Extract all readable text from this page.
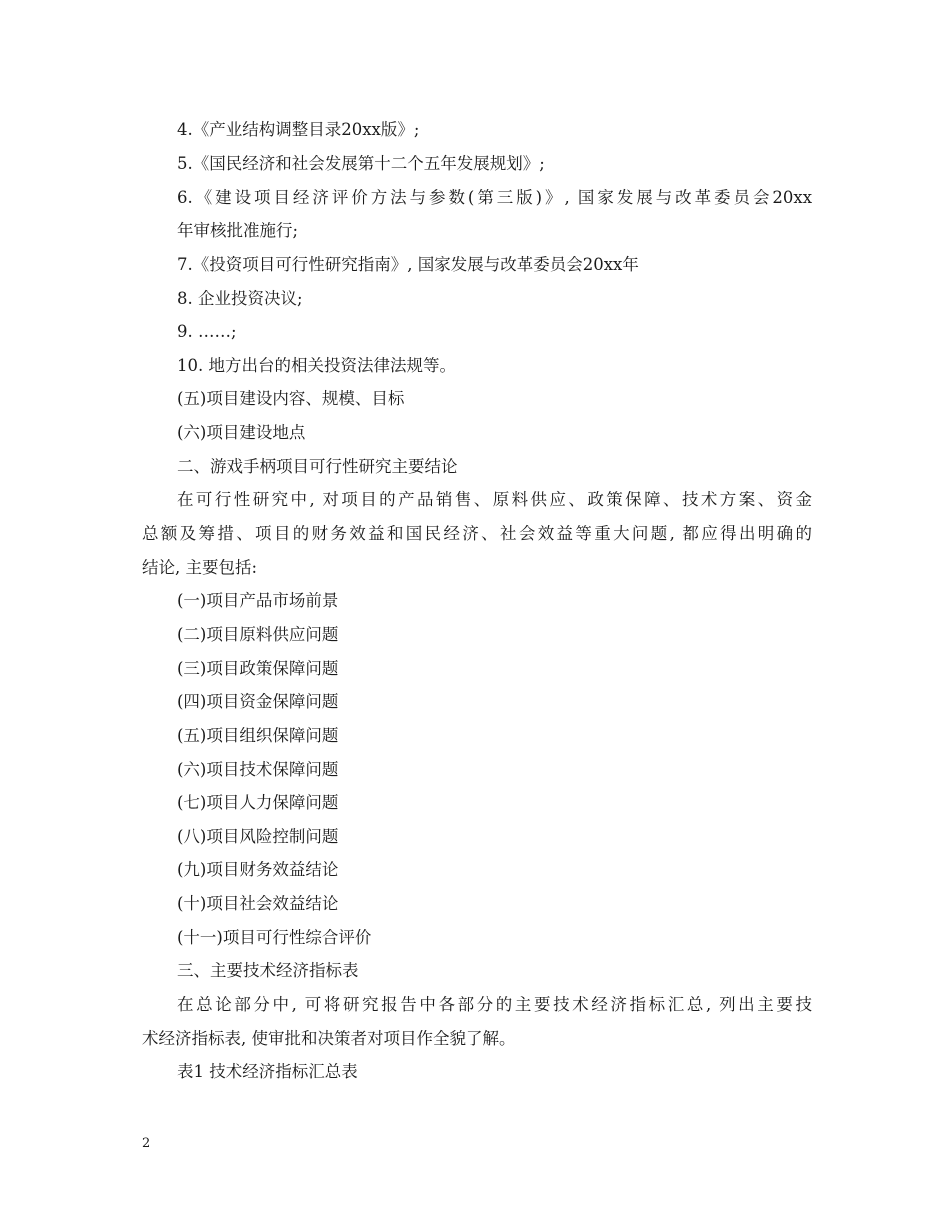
4.《产业结构调整目录20xx版》;
5.《国民经济和社会发展第十二个五年发展规划》;
6.《建设项目经济评价方法与参数(第三版)》, 国家发展与改革委员会20xx
年审核批准施行;
7.《投资项目可行性研究指南》, 国家发展与改革委员会20xx年
8. 企业投资决议;
9. ……;
10. 地方出台的相关投资法律法规等。
(五)项目建设内容、规模、目标
(六)项目建设地点
二、游戏手柄项目可行性研究主要结论
在可行性研究中, 对项目的产品销售、原料供应、政策保障、技术方案、资金
总额及筹措、项目的财务效益和国民经济、社会效益等重大问题, 都应得出明确的
结论, 主要包括:
(一)项目产品市场前景
(二)项目原料供应问题
(三)项目政策保障问题
(四)项目资金保障问题
(五)项目组织保障问题
(六)项目技术保障问题
(七)项目人力保障问题
(八)项目风险控制问题
(九)项目财务效益结论
(十)项目社会效益结论
(十一)项目可行性综合评价
三、主要技术经济指标表
在总论部分中, 可将研究报告中各部分的主要技术经济指标汇总, 列出主要技
术经济指标表, 使审批和决策者对项目作全貌了解。
表1 技术经济指标汇总表
2
